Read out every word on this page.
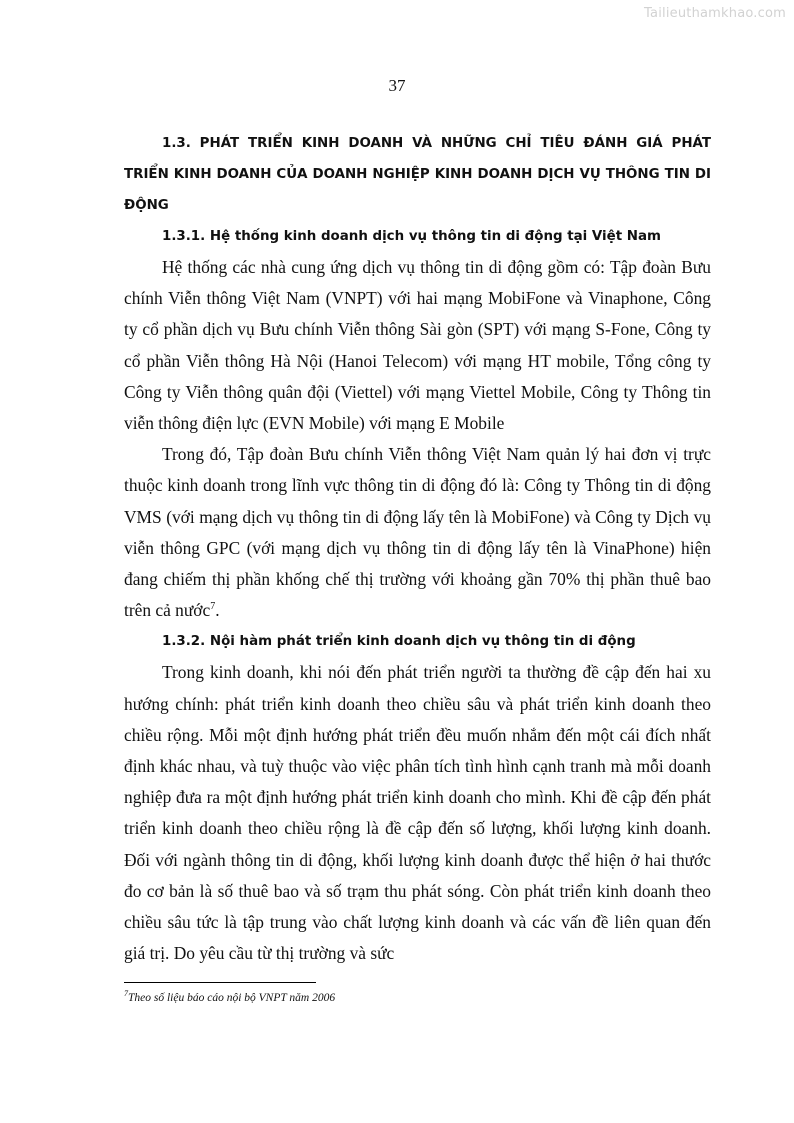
Tailieuthamkhao.com
37

1.3. PHÁT TRIỂN KINH DOANH VÀ NHỮNG CHỈ TIÊU ĐÁNH GIÁ PHÁT TRIỂN KINH DOANH CỦA DOANH NGHIỆP KINH DOANH DỊCH VỤ THÔNG TIN DI ĐỘNG

1.3.1. Hệ thống kinh doanh dịch vụ thông tin di động tại Việt Nam

Hệ thống các nhà cung ứng dịch vụ thông tin di động gồm có: Tập đoàn Bưu chính Viễn thông Việt Nam (VNPT) với hai mạng MobiFone và Vinaphone, Công ty cổ phần dịch vụ Bưu chính Viễn thông Sài gòn (SPT) với mạng S-Fone, Công ty cổ phần Viễn thông Hà Nội (Hanoi Telecom) với mạng HT mobile, Tổng công ty Công ty Viễn thông quân đội (Viettel) với mạng Viettel Mobile, Công ty Thông tin viễn thông điện lực (EVN Mobile) với mạng E Mobile

Trong đó, Tập đoàn Bưu chính Viễn thông Việt Nam quản lý hai đơn vị trực thuộc kinh doanh trong lĩnh vực thông tin di động đó là: Công ty Thông tin di động VMS (với mạng dịch vụ thông tin di động lấy tên là MobiFone) và Công ty Dịch vụ viễn thông GPC (với mạng dịch vụ thông tin di động lấy tên là VinaPhone) hiện đang chiếm thị phần khống chế thị trường với khoảng gần 70% thị phần thuê bao trên cả nước$^7$.

1.3.2. Nội hàm phát triển kinh doanh dịch vụ thông tin di động

Trong kinh doanh, khi nói đến phát triển người ta thường đề cập đến hai xu hướng chính: phát triển kinh doanh theo chiều sâu và phát triển kinh doanh theo chiều rộng. Mỗi một định hướng phát triển đều muốn nhắm đến một cái đích nhất định khác nhau, và tuỳ thuộc vào việc phân tích tình hình cạnh tranh mà mỗi doanh nghiệp đưa ra một định hướng phát triển kinh doanh cho mình. Khi đề cập đến phát triển kinh doanh theo chiều rộng là đề cập đến số lượng, khối lượng kinh doanh. Đối với ngành thông tin di động, khối lượng kinh doanh được thể hiện ở hai thước đo cơ bản là số thuê bao và số trạm thu phát sóng. Còn phát triển kinh doanh theo chiều sâu tức là tập trung vào chất lượng kinh doanh và các vấn đề liên quan đến giá trị. Do yêu cầu từ thị trường và sức

$^7$Theo số liệu báo cáo nội bộ VNPT năm 2006
